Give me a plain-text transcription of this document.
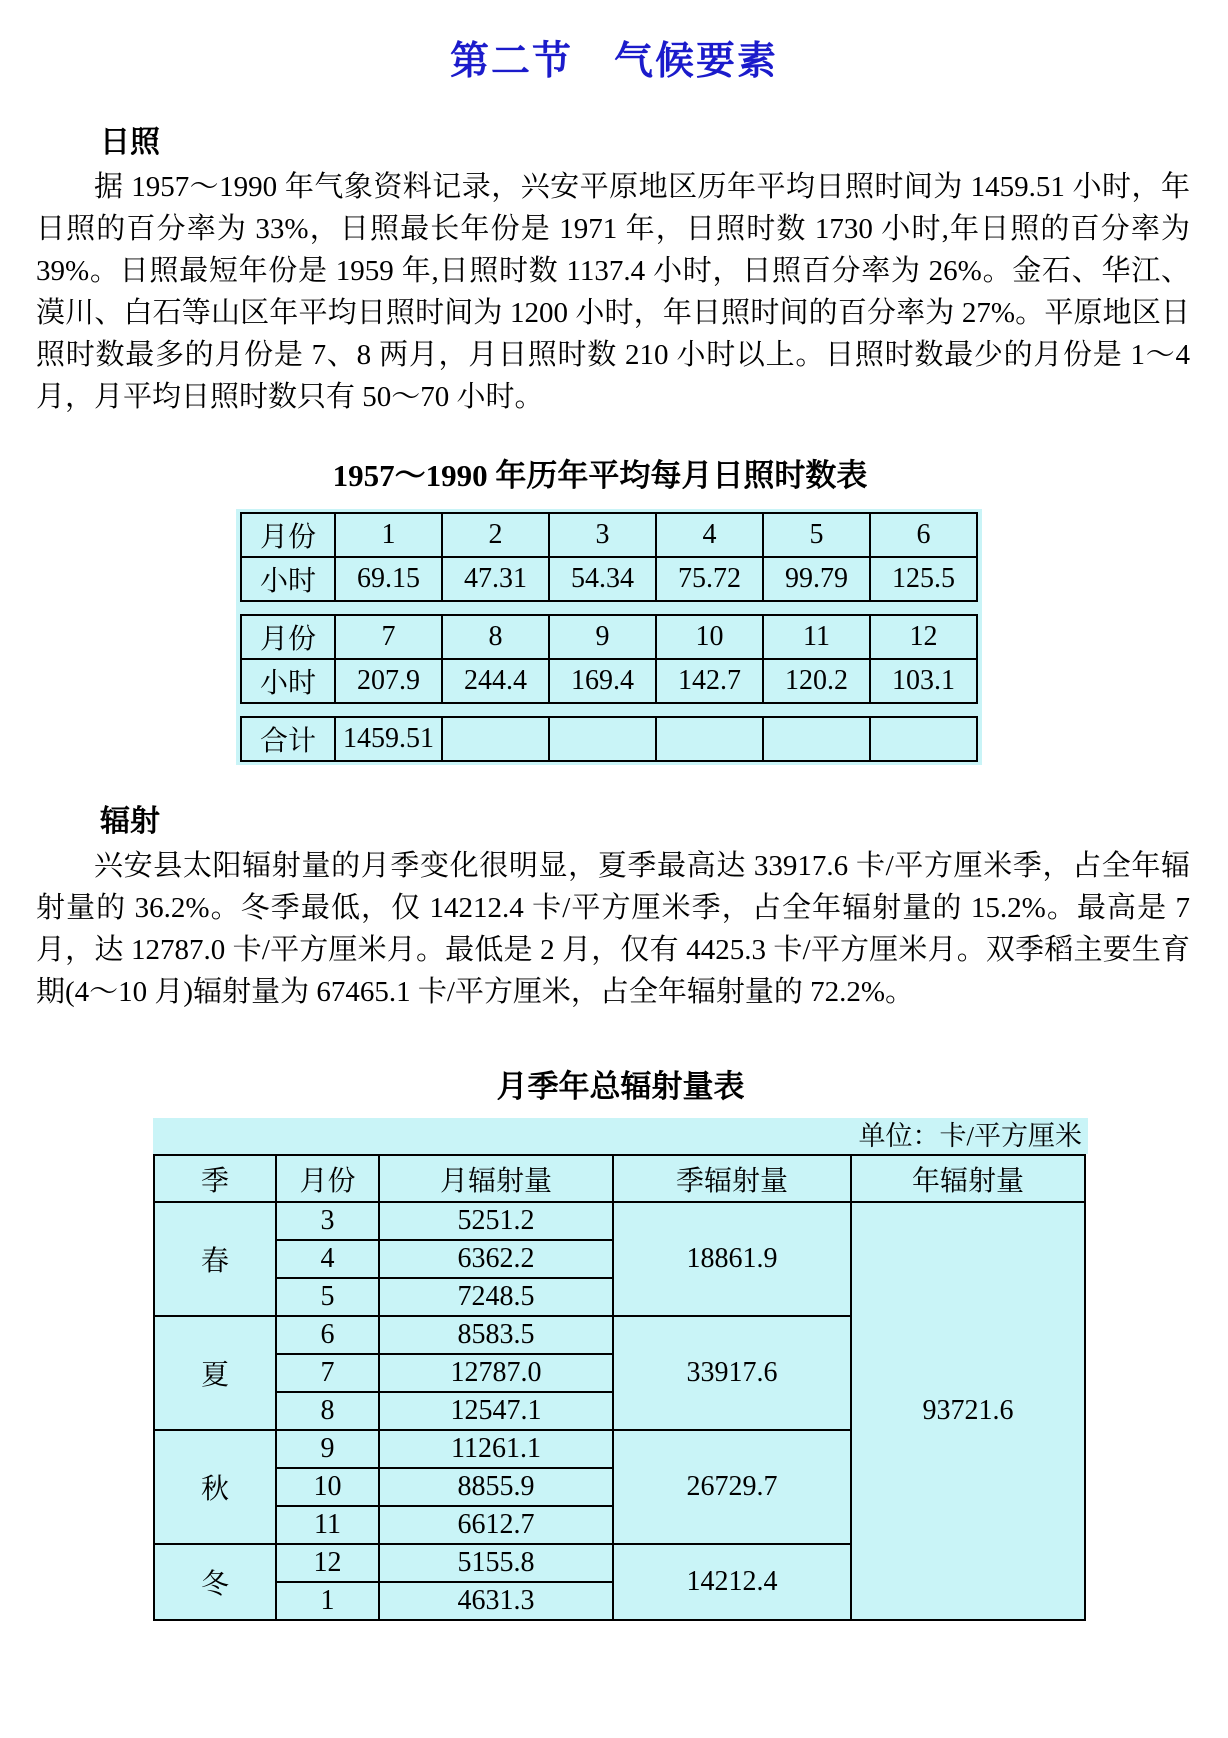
第二节　气候要素
日照

据 1957～1990 年气象资料记录，兴安平原地区历年平均日照时间为 1459.51 小时，年日照的百分率为 33%，日照最长年份是 1971 年，日照时数 1730 小时,年日照的百分率为 39%。日照最短年份是 1959 年,日照时数 1137.4 小时，日照百分率为 26%。金石、华江、漠川、白石等山区年平均日照时间为 1200 小时，年日照时间的百分率为 27%。平原地区日照时数最多的月份是 7、8 两月，月日照时数 210 小时以上。日照时数最少的月份是 1～4 月，月平均日照时数只有 50～70 小时。

1957～1990 年历年平均每月日照时数表
月份	1	2	3	4	5	6
小时	69.15	47.31	54.34	75.72	99.79	125.5
月份	7	8	9	10	11	12
小时	207.9	244.4	169.4	142.7	120.2	103.1
合计	1459.51					
辐射

兴安县太阳辐射量的月季变化很明显，夏季最高达 33917.6 卡/平方厘米季，占全年辐射量的 36.2%。冬季最低，仅 14212.4 卡/平方厘米季，占全年辐射量的 15.2%。最高是 7 月，达 12787.0 卡/平方厘米月。最低是 2 月，仅有 4425.3 卡/平方厘米月。双季稻主要生育期(4～10 月)辐射量为 67465.1 卡/平方厘米，占全年辐射量的 72.2%。

月季年总辐射量表
单位：卡/平方厘米
季	月份	月辐射量	季辐射量	年辐射量
春	3	5251.2	18861.9	93721.6
	4	6362.2		
	5	7248.5		
夏	6	8583.5	33917.6	
	7	12787.0		
	8	12547.1		
秋	9	11261.1	26729.7	
	10	8855.9		
	11	6612.7		
冬	12	5155.8	14212.4	
	1	4631.3		
